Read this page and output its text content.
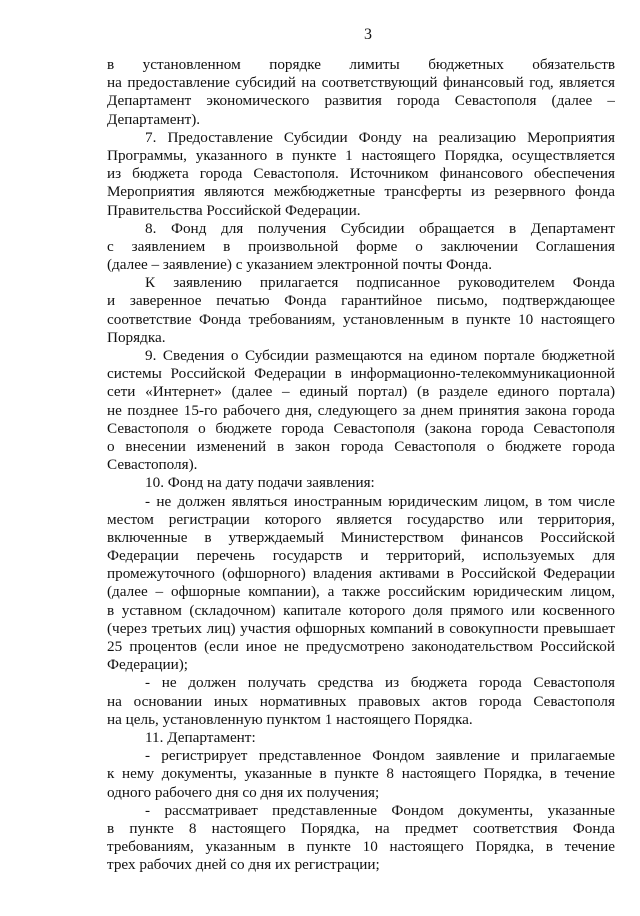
3
в установленном порядке лимиты бюджетных обязательств
на предоставление субсидий на соответствующий финансовый год, является
Департамент экономического развития города Севастополя (далее –
Департамент).
7. Предоставление Субсидии Фонду на реализацию Мероприятия
Программы, указанного в пункте 1 настоящего Порядка, осуществляется
из бюджета города Севастополя. Источником финансового обеспечения
Мероприятия являются межбюджетные трансферты из резервного фонда
Правительства Российской Федерации.
8. Фонд для получения Субсидии обращается в Департамент
с заявлением в произвольной форме о заключении Соглашения
(далее – заявление) с указанием электронной почты Фонда.
К заявлению прилагается подписанное руководителем Фонда
и заверенное печатью Фонда гарантийное письмо, подтверждающее
соответствие Фонда требованиям, установленным в пункте 10 настоящего
Порядка.
9. Сведения о Субсидии размещаются на едином портале бюджетной
системы Российской Федерации в информационно-телекоммуникационной
сети «Интернет» (далее – единый портал) (в разделе единого портала)
не позднее 15-го рабочего дня, следующего за днем принятия закона города
Севастополя о бюджете города Севастополя (закона города Севастополя
о внесении изменений в закон города Севастополя о бюджете города
Севастополя).
10. Фонд на дату подачи заявления:
- не должен являться иностранным юридическим лицом, в том числе
местом регистрации которого является государство или территория,
включенные в утверждаемый Министерством финансов Российской
Федерации перечень государств и территорий, используемых для
промежуточного (офшорного) владения активами в Российской Федерации
(далее – офшорные компании), а также российским юридическим лицом,
в уставном (складочном) капитале которого доля прямого или косвенного
(через третьих лиц) участия офшорных компаний в совокупности превышает
25 процентов (если иное не предусмотрено законодательством Российской
Федерации);
- не должен получать средства из бюджета города Севастополя
на основании иных нормативных правовых актов города Севастополя
на цель, установленную пунктом 1 настоящего Порядка.
11. Департамент:
- регистрирует представленное Фондом заявление и прилагаемые
к нему документы, указанные в пункте 8 настоящего Порядка, в течение
одного рабочего дня со дня их получения;
- рассматривает представленные Фондом документы, указанные
в пункте 8 настоящего Порядка, на предмет соответствия Фонда
требованиям, указанным в пункте 10 настоящего Порядка, в течение
трех рабочих дней со дня их регистрации;
